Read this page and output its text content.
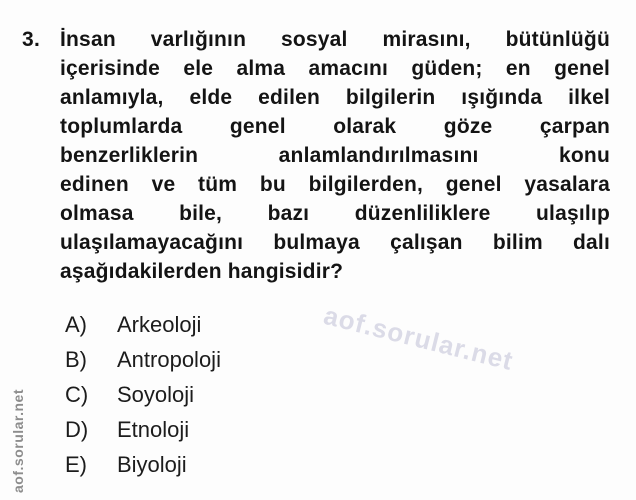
3. İnsan varlığının sosyal mirasını, bütünlüğü
içerisinde ele alma amacını güden; en genel
anlamıyla, elde edilen bilgilerin ışığında ilkel
toplumlarda genel olarak göze çarpan
benzerliklerin anlamlandırılmasını konu
edinen ve tüm bu bilgilerden, genel yasalara
olmasa bile, bazı düzenliliklere ulaşılıp
ulaşılamayacağını bulmaya çalışan bilim dalı
aşağıdakilerden hangisidir?
A)	Arkeoloji
B)	Antropoloji
C)	Soyoloji
D)	Etnoloji
E)	Biyoloji
aof.sorular.net
aof.sorular.net
